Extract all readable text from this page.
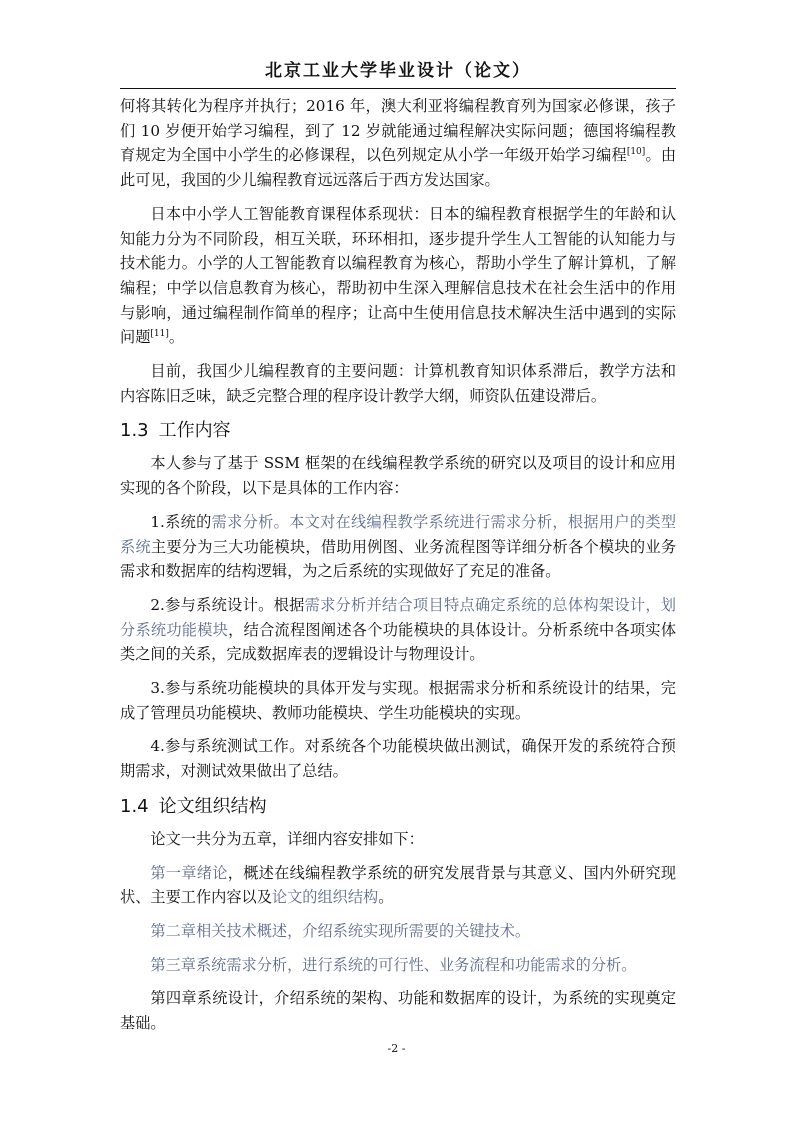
北京工业大学毕业设计（论文）

何将其转化为程序并执行；2016 年，澳大利亚将编程教育列为国家必修课，孩子们 10 岁便开始学习编程，到了 12 岁就能通过编程解决实际问题；德国将编程教育规定为全国中小学生的必修课程，以色列规定从小学一年级开始学习编程[10]。由此可见，我国的少儿编程教育远远落后于西方发达国家。

日本中小学人工智能教育课程体系现状：日本的编程教育根据学生的年龄和认知能力分为不同阶段，相互关联，环环相扣，逐步提升学生人工智能的认知能力与技术能力。小学的人工智能教育以编程教育为核心，帮助小学生了解计算机，了解编程；中学以信息教育为核心，帮助初中生深入理解信息技术在社会生活中的作用与影响，通过编程制作简单的程序；让高中生使用信息技术解决生活中遇到的实际问题[11]。

目前，我国少儿编程教育的主要问题：计算机教育知识体系滞后，教学方法和内容陈旧乏味，缺乏完整合理的程序设计教学大纲，师资队伍建设滞后。

1.3 工作内容

本人参与了基于 SSM 框架的在线编程教学系统的研究以及项目的设计和应用实现的各个阶段，以下是具体的工作内容：

1.系统的需求分析。本文对在线编程教学系统进行需求分析，根据用户的类型系统主要分为三大功能模块，借助用例图、业务流程图等详细分析各个模块的业务需求和数据库的结构逻辑，为之后系统的实现做好了充足的准备。

2.参与系统设计。根据需求分析并结合项目特点确定系统的总体构架设计，划分系统功能模块，结合流程图阐述各个功能模块的具体设计。分析系统中各项实体类之间的关系，完成数据库表的逻辑设计与物理设计。

3.参与系统功能模块的具体开发与实现。根据需求分析和系统设计的结果，完成了管理员功能模块、教师功能模块、学生功能模块的实现。

4.参与系统测试工作。对系统各个功能模块做出测试，确保开发的系统符合预期需求，对测试效果做出了总结。

1.4 论文组织结构

论文一共分为五章，详细内容安排如下：

第一章绪论，概述在线编程教学系统的研究发展背景与其意义、国内外研究现状、主要工作内容以及论文的组织结构。

第二章相关技术概述，介绍系统实现所需要的关键技术。

第三章系统需求分析，进行系统的可行性、业务流程和功能需求的分析。

第四章系统设计，介绍系统的架构、功能和数据库的设计，为系统的实现奠定基础。

-2 -
